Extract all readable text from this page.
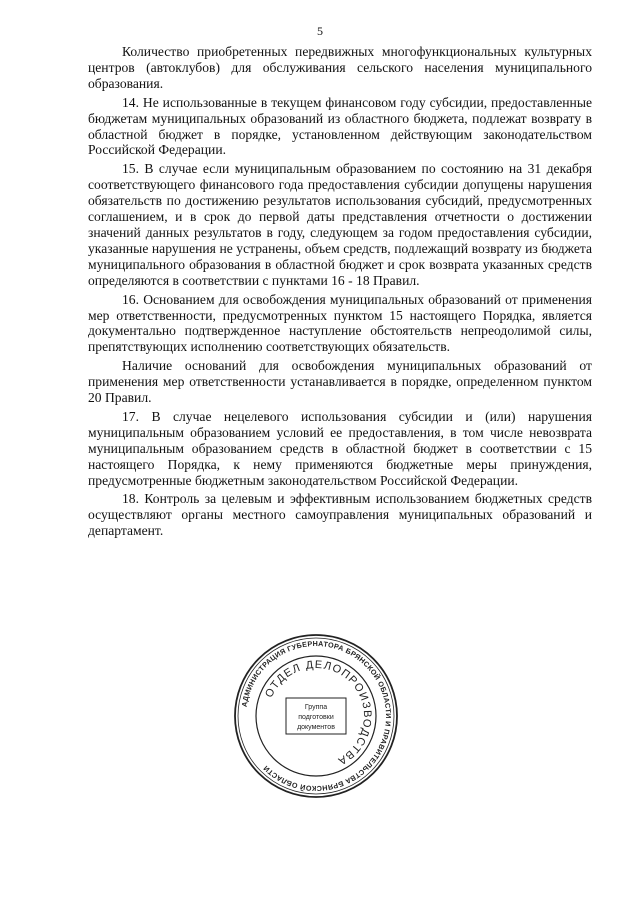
5

Количество приобретенных передвижных многофункциональных культурных центров (автоклубов) для обслуживания сельского населения муниципального образования.

14. Не использованные в текущем финансовом году субсидии, предоставленные бюджетам муниципальных образований из областного бюджета, подлежат возврату в областной бюджет в порядке, установленном действующим законодательством Российской Федерации.

15. В случае если муниципальным образованием по состоянию на 31 декабря соответствующего финансового года предоставления субсидии допущены нарушения обязательств по достижению результатов использования субсидий, предусмотренных соглашением, и в срок до первой даты представления отчетности о достижении значений данных результатов в году, следующем за годом предоставления субсидии, указанные нарушения не устранены, объем средств, подлежащий возврату из бюджета муниципального образования в областной бюджет и срок возврата указанных средств определяются в соответствии с пунктами 16 - 18 Правил.

16. Основанием для освобождения муниципальных образований от применения мер ответственности, предусмотренных пунктом 15 настоящего Порядка, является документально подтвержденное наступление обстоятельств непреодолимой силы, препятствующих исполнению соответствующих обязательств.

Наличие оснований для освобождения муниципальных образований от применения мер ответственности устанавливается в порядке, определенном пунктом 20 Правил.

17. В случае нецелевого использования субсидии и (или) нарушения муниципальным образованием условий ее предоставления, в том числе невозврата муниципальным образованием средств в областной бюджет в соответствии с 15 настоящего Порядка, к нему применяются бюджетные меры принуждения, предусмотренные бюджетным законодательством Российской Федерации.

18. Контроль за целевым и эффективным использованием бюджетных средств осуществляют органы местного самоуправления муниципальных образований и департамент.

АДМИНИСТРАЦИЯ ГУБЕРНАТОРА БРЯНСКОЙ ОБЛАСТИ И ПРАВИТЕЛЬСТВА БРЯНСКОЙ ОБЛАСТИ
ОТДЕЛ ДЕЛОПРОИЗВОДСТВА
Группа
подготовки
документов
